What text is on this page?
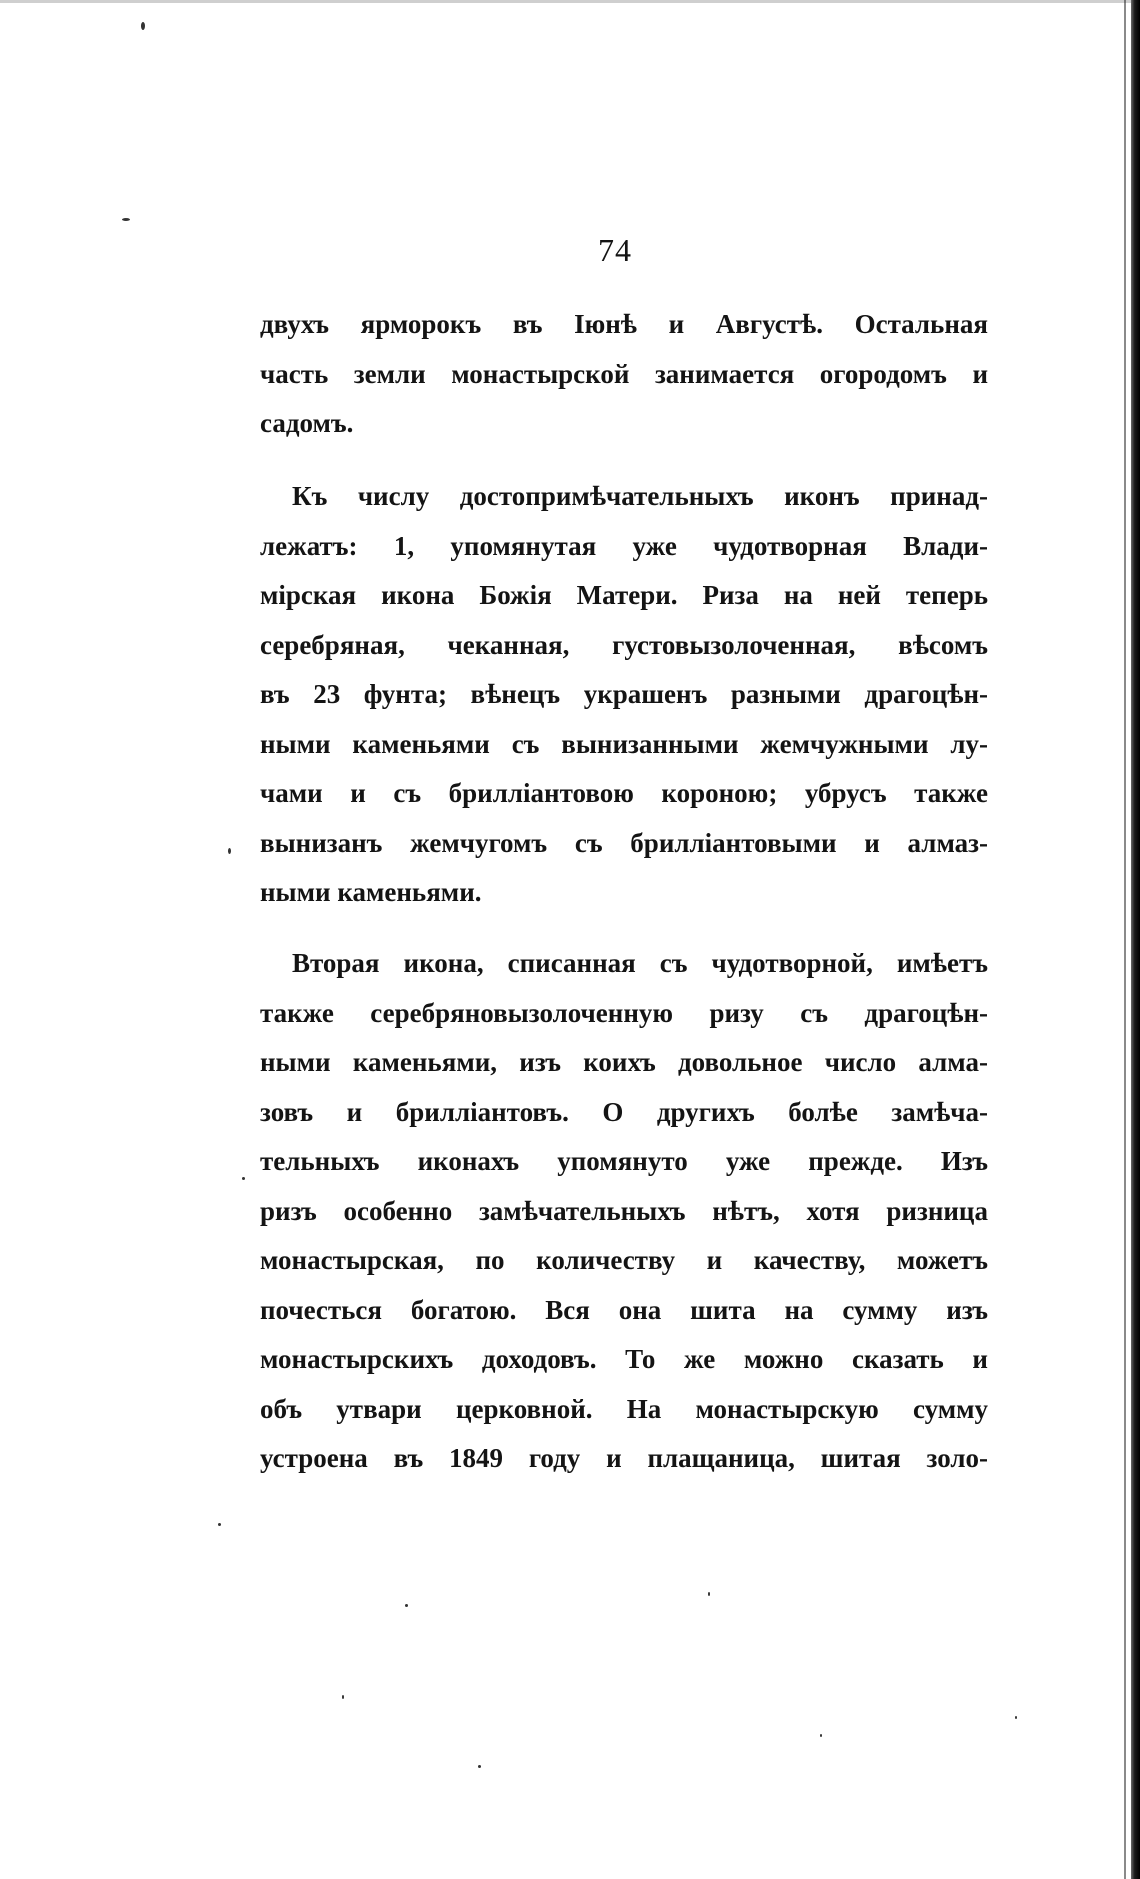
74
двухъ ярморокъ въ Іюнѣ и Августѣ. Остальная
часть земли монастырской занимается огородомъ и
садомъ.
Къ числу достопримѣчательныхъ иконъ принад-
лежатъ: 1, упомянутая уже чудотворная Влади-
мірская икона Божія Матери. Риза на ней теперь
серебряная, чеканная, густовызолоченная, вѣсомъ
въ 23 фунта; вѣнецъ украшенъ разными драгоцѣн-
ными каменьями съ вынизанными жемчужными лу-
чами и съ бриллiантовою короною; убрусъ также
вынизанъ жемчугомъ съ бриллiантовыми и алмаз-
ными каменьями.
Вторая икона, списанная съ чудотворной, имѣетъ
также серебряновызолоченную ризу съ драгоцѣн-
ными каменьями, изъ коихъ довольное число алма-
зовъ и бриллiантовъ. О другихъ болѣе замѣча-
тельныхъ иконахъ упомянуто уже прежде. Изъ
ризъ особенно замѣчательныхъ нѣтъ, хотя ризница
монастырская, по количеству и качеству, можетъ
почесться богатою. Вся она шита на сумму изъ
монастырскихъ доходовъ. То же можно сказать и
объ утвари церковной. На монастырскую сумму
устроена въ 1849 году и плащаница, шитая золо-
